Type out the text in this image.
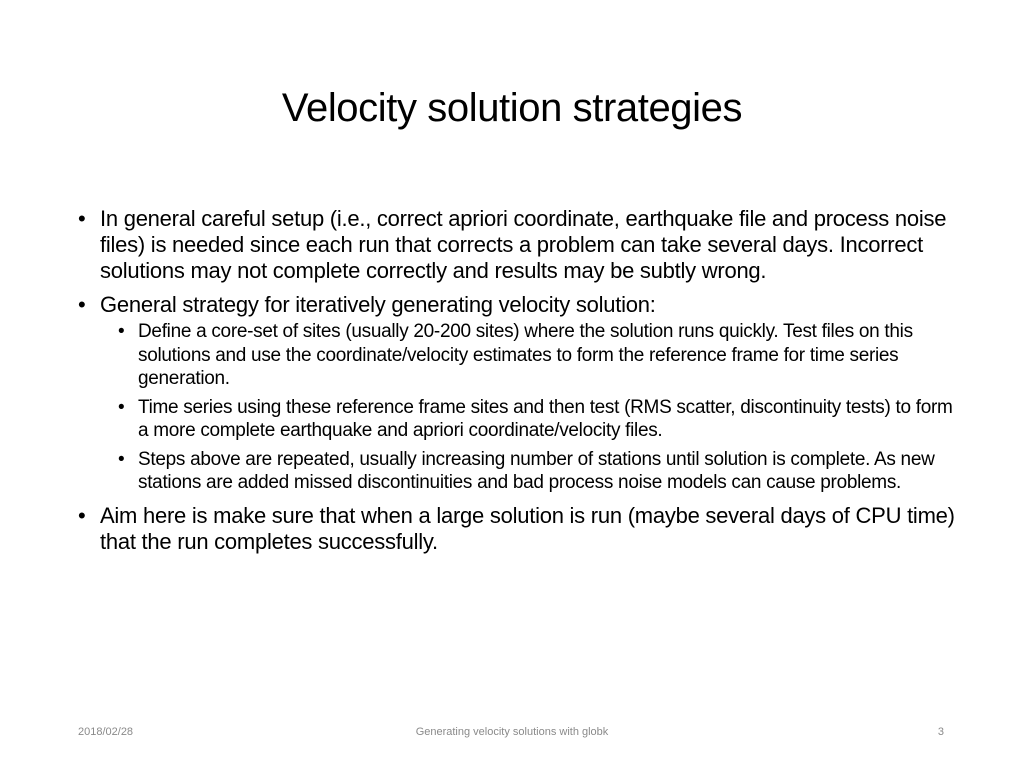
Velocity solution strategies
• In general careful setup (i.e., correct apriori coordinate, earthquake file and process noise files) is needed since each run that corrects a problem can take several days. Incorrect solutions may not complete correctly and results may be subtly wrong.
• General strategy for iteratively generating velocity solution:
• Define a core-set of sites (usually 20-200 sites) where the solution runs quickly. Test files on this solutions and use the coordinate/velocity estimates to form the reference frame for time series generation.
• Time series using these reference frame sites and then test (RMS scatter, discontinuity tests) to form a more complete earthquake and apriori coordinate/velocity files.
• Steps above are repeated, usually increasing number of stations until solution is complete. As new stations are added missed discontinuities and bad process noise models can cause problems.
• Aim here is make sure that when a large solution is run (maybe several days of CPU time) that the run completes successfully.
2018/02/28	Generating velocity solutions with globk	3
